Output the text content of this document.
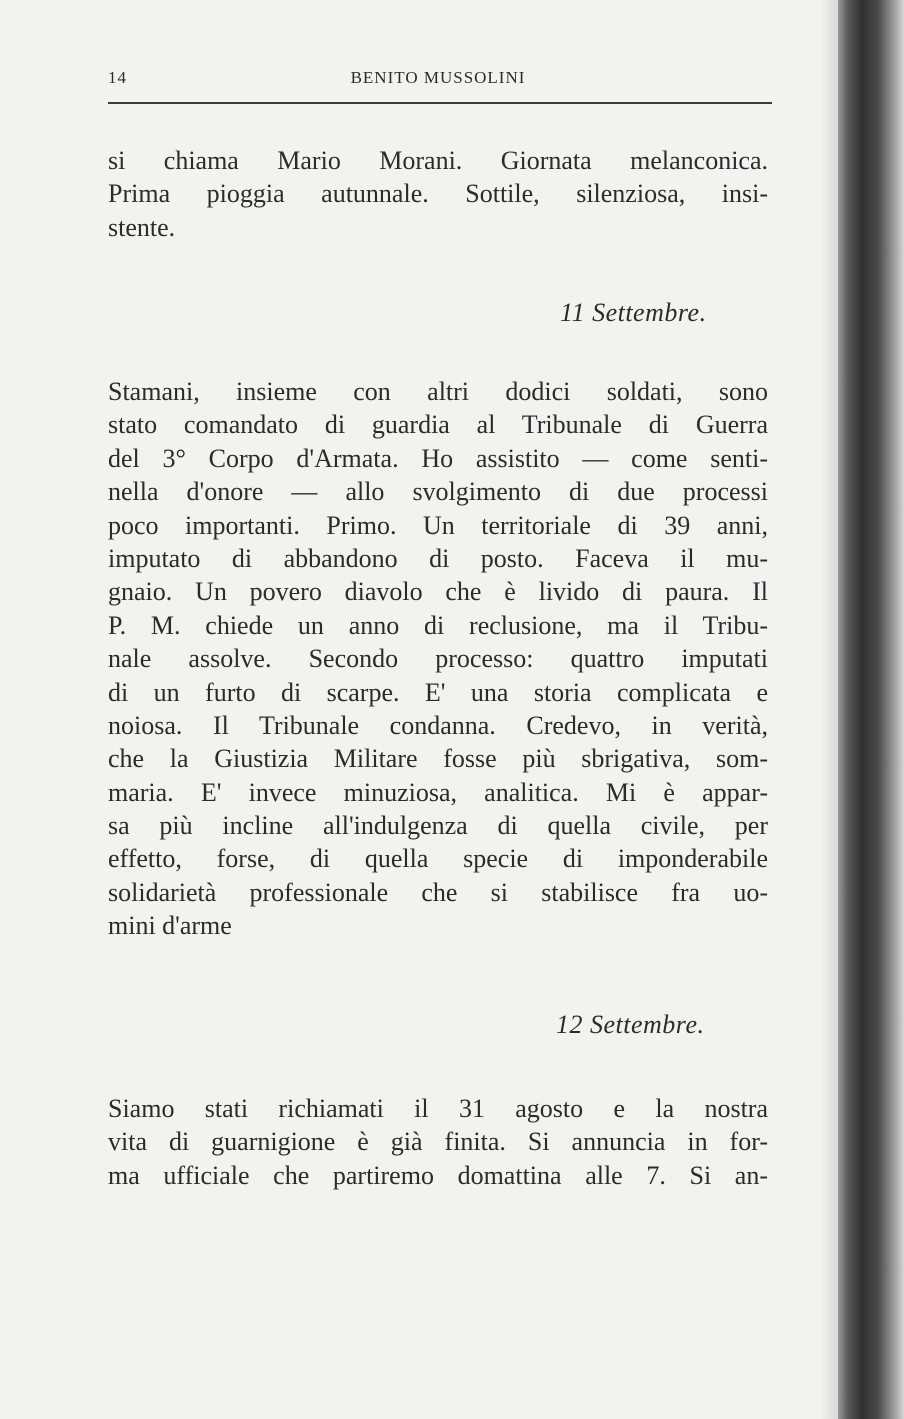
14	BENITO MUSSOLINI
si chiama Mario Morani. Giornata melanconica.
Prima pioggia autunnale. Sottile, silenziosa, insi-
stente.
11 Settembre.
Stamani, insieme con altri dodici soldati, sono
stato comandato di guardia al Tribunale di Guerra
del 3° Corpo d'Armata. Ho assistito — come senti-
nella d'onore — allo svolgimento di due processi
poco importanti. Primo. Un territoriale di 39 anni,
imputato di abbandono di posto. Faceva il mu-
gnaio. Un povero diavolo che è livido di paura. Il
P. M. chiede un anno di reclusione, ma il Tribu-
nale assolve. Secondo processo: quattro imputati
di un furto di scarpe. E' una storia complicata e
noiosa. Il Tribunale condanna. Credevo, in verità,
che la Giustizia Militare fosse più sbrigativa, som-
maria. E' invece minuziosa, analitica. Mi è appar-
sa più incline all'indulgenza di quella civile, per
effetto, forse, di quella specie di imponderabile
solidarietà professionale che si stabilisce fra uo-
mini d'arme
12 Settembre.
Siamo stati richiamati il 31 agosto e la nostra
vita di guarnigione è già finita. Si annuncia in for-
ma ufficiale che partiremo domattina alle 7. Si an-
